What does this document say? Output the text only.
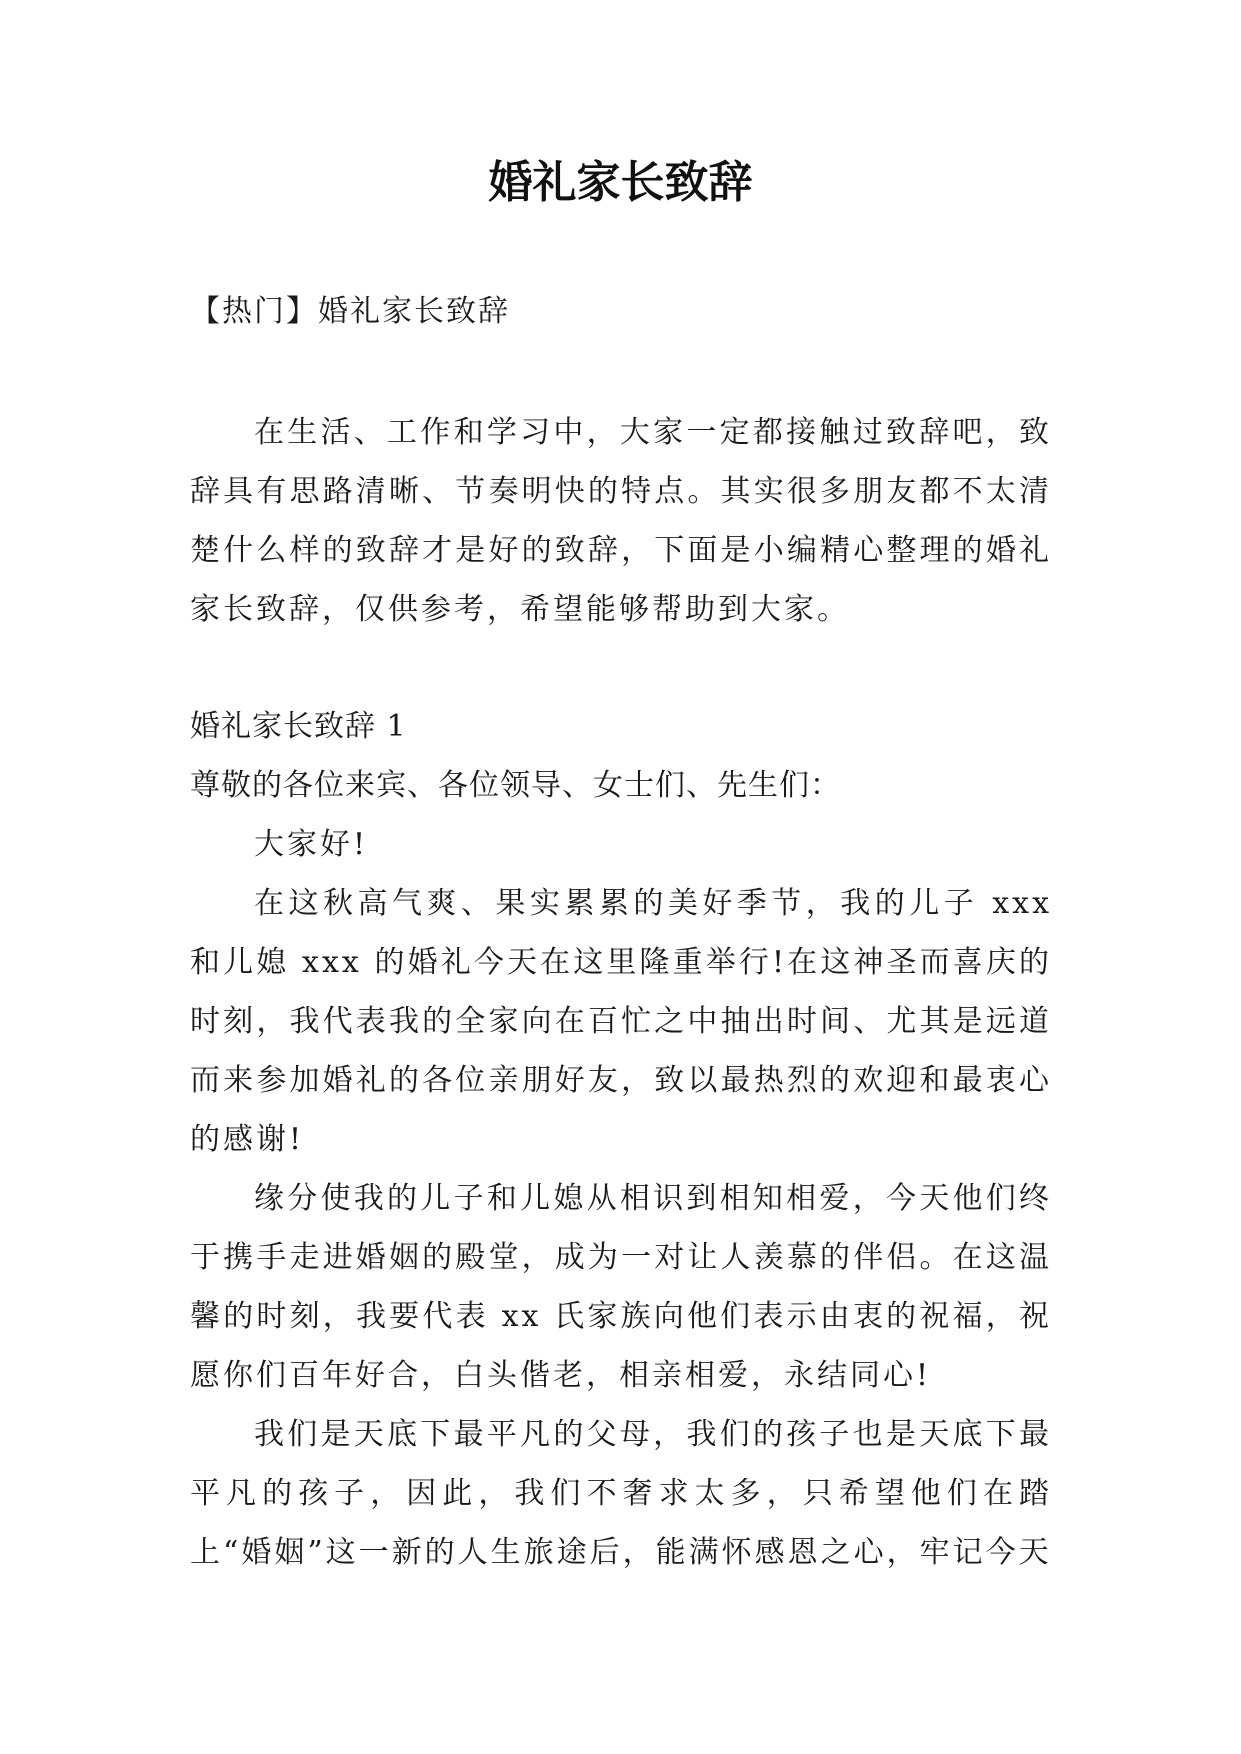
婚礼家长致辞

【热门】婚礼家长致辞

在生活、工作和学习中，大家一定都接触过致辞吧，致辞具有思路清晰、节奏明快的特点。其实很多朋友都不太清楚什么样的致辞才是好的致辞，下面是小编精心整理的婚礼家长致辞，仅供参考，希望能够帮助到大家。

婚礼家长致辞 1

尊敬的各位来宾、各位领导、女士们、先生们：

大家好!

在这秋高气爽、果实累累的美好季节，我的儿子 xxx 和儿媳 xxx 的婚礼今天在这里隆重举行!在这神圣而喜庆的时刻，我代表我的全家向在百忙之中抽出时间、尤其是远道而来参加婚礼的各位亲朋好友，致以最热烈的欢迎和最衷心的感谢!

缘分使我的儿子和儿媳从相识到相知相爱，今天他们终于携手走进婚姻的殿堂，成为一对让人羡慕的伴侣。在这温馨的时刻，我要代表 xx 氏家族向他们表示由衷的祝福，祝愿你们百年好合，白头偕老，相亲相爱，永结同心!

我们是天底下最平凡的父母，我们的孩子也是天底下最平凡的孩子，因此，我们不奢求太多，只希望他们在踏上“婚姻”这一新的人生旅途后，能满怀感恩之心，牢记今天
